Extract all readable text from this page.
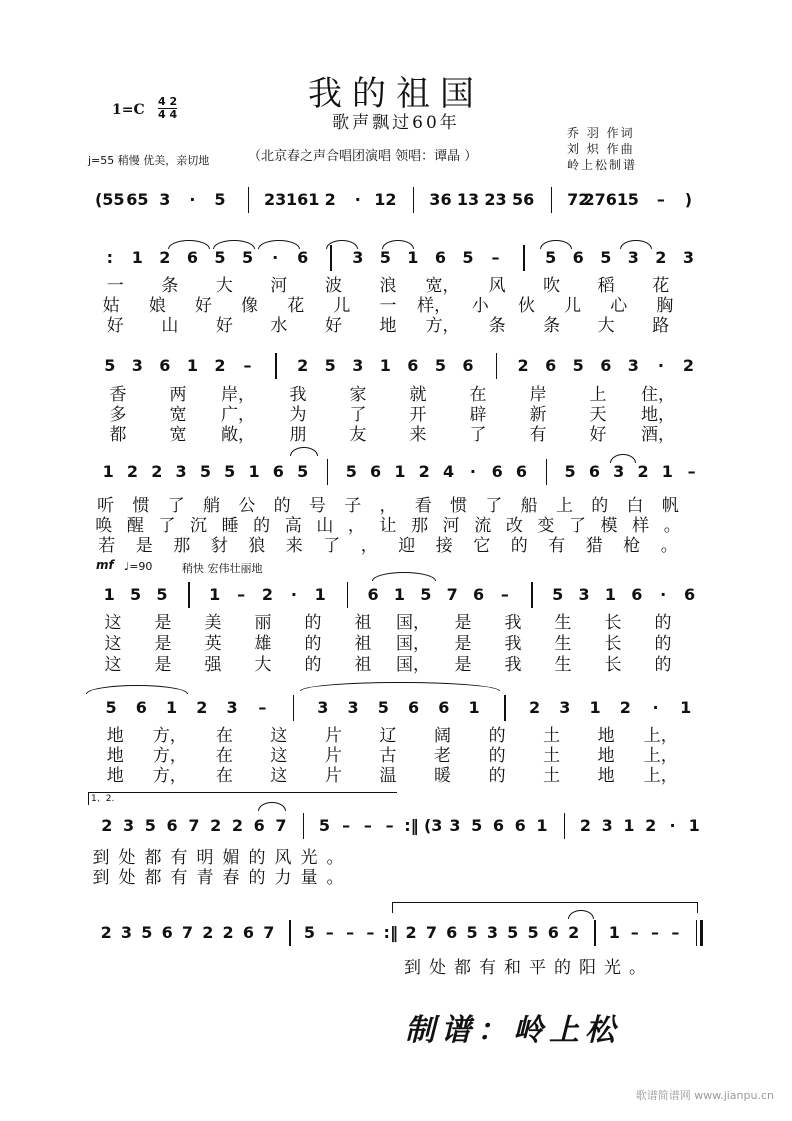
我的祖国
歌声飘过60年
1=C
4 2
4 4
（北京春之声合唱团演唱 领唱：谭晶 ）
乔 羽 作词
刘 炽 作曲
岭上松制谱
j=55 稍慢 优美，亲切地
(55 65 3 · 5 23 161 2 · 12 36 13 23 56 72
2761 5 – )
: 1 2 6 5 5 · 6	3 5 1 6 5 –	5 6 5 3 2 3
5 3 6 1 2 –	2 5 3 1 6 5 6	2 6 5 6 3 · 2
1 2 2 3 5 5 1 6 5 5 6 1 2 4 · 6 6 5 6 3 2 1 –
1 5 5	1 – 2 · 1	6 1 5 7 6 –	5 3 1 6 · 6
5 6 1 2 3 –	3 3 5 6 6 1	2 3 1 2 · 1
2 3 5 6 7 2 2 6 7 5 – – – :‖ (3 3 5 6 6 1 2 3 1 2 · 1
2 3 5 6 7 2 2 6 7 5 – – – :‖ 2 7 6 5 3 5 5 6 2 1 – – –
一 条 大 河 波 浪 宽， 风 吹 稻 花
姑 娘 好 像 花 儿 一 样， 小 伙 儿 心 胸
好 山 好 水 好 地 方， 条 条 大 路
香	两 岸， 我	家	就	在	岸	上 住，
多	宽 广， 为	了	开	辟	新	天 地，
都	宽 敞， 朋	友	来	了	有	好 酒，
听 惯 了 艄 公 的 号 子 ， 看 惯 了 船 上 的 白 帆
唤 醒 了 沉 睡 的 高 山 ， 让 那 河 流 改 变 了 模 样 。
若 是 那 豺 狼 来 了 ， 迎 接 它 的 有 猎 枪 。
这 是 美 丽 的 祖 国， 是 我 生 长 的
这 是 英 雄 的 祖 国， 是 我 生 长 的
这 是 强 大 的 祖 国， 是 我 生 长 的
地 方， 在 这 片 辽 阔 的 土 地 上，
地 方， 在 这 片 古 老 的 土 地 上，
地 方， 在 这 片 温 暖 的 土 地 上，
到 处 都 有 明 媚 的 风 光 。
到 处 都 有 青 春 的 力 量 。
到 处 都 有 和 平 的 阳 光 。
mf ♩=90	稍快 宏伟壮丽地
制谱：岭上松
歌谱简谱网 www.jianpu.cn
1、2.
